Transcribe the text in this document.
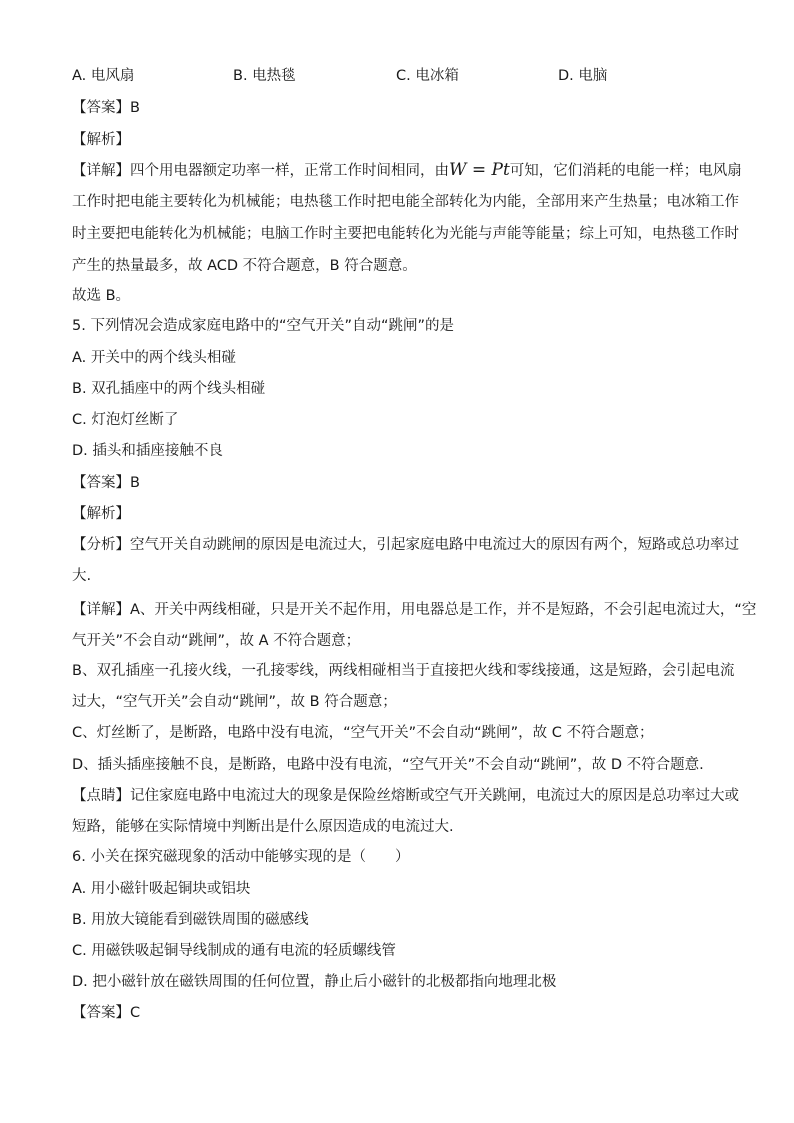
A. 电风扇	B. 电热毯	C. 电冰箱	D. 电脑
【答案】B
【解析】
【详解】四个用电器额定功率一样，正常工作时间相同，由W = Pt可知，它们消耗的电能一样；电风扇
工作时把电能主要转化为机械能；电热毯工作时把电能全部转化为内能，全部用来产生热量；电冰箱工作
时主要把电能转化为机械能；电脑工作时主要把电能转化为光能与声能等能量；综上可知，电热毯工作时
产生的热量最多，故 ACD 不符合题意，B 符合题意。
故选 B。
5. 下列情况会造成家庭电路中的“空气开关”自动“跳闸”的是
A. 开关中的两个线头相碰
B. 双孔插座中的两个线头相碰
C. 灯泡灯丝断了
D. 插头和插座接触不良
【答案】B
【解析】
【分析】空气开关自动跳闸的原因是电流过大，引起家庭电路中电流过大的原因有两个，短路或总功率过
大.
【详解】A、开关中两线相碰，只是开关不起作用，用电器总是工作，并不是短路，不会引起电流过大，“空
气开关”不会自动“跳闸”，故 A 不符合题意；
B、双孔插座一孔接火线，一孔接零线，两线相碰相当于直接把火线和零线接通，这是短路，会引起电流
过大，“空气开关”会自动“跳闸”，故 B 符合题意；
C、灯丝断了，是断路，电路中没有电流，“空气开关”不会自动“跳闸”，故 C 不符合题意；
D、插头插座接触不良，是断路，电路中没有电流，“空气开关”不会自动“跳闸”，故 D 不符合题意.
【点睛】记住家庭电路中电流过大的现象是保险丝熔断或空气开关跳闸，电流过大的原因是总功率过大或
短路，能够在实际情境中判断出是什么原因造成的电流过大.
6. 小关在探究磁现象的活动中能够实现的是（　　）
A. 用小磁针吸起铜块或铝块
B. 用放大镜能看到磁铁周围的磁感线
C. 用磁铁吸起铜导线制成的通有电流的轻质螺线管
D. 把小磁针放在磁铁周围的任何位置，静止后小磁针的北极都指向地理北极
【答案】C
